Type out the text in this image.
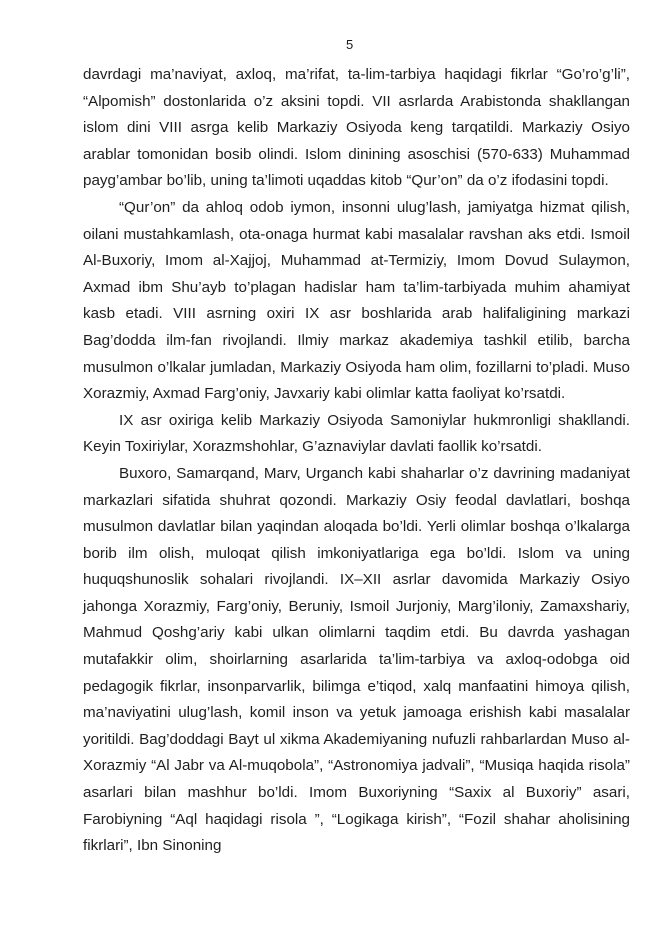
5

davrdagi ma’naviyat, axloq, ma’rifat, ta-lim-tarbiya haqidagi fikrlar “Go’ro’g’li”, “Alpomish” dostonlarida o’z aksini topdi. VII asrlarda Arabistonda shakllangan islom dini VIII asrga kelib Markaziy Osiyoda keng tarqatildi. Markaziy Osiyo arablar tomonidan bosib olindi. Islom dinining asoschisi (570-633) Muhammad payg’ambar bo’lib, uning ta’limoti uqaddas kitob “Qur’on” da o’z ifodasini topdi.

“Qur’on” da ahloq odob iymon, insonni ulug’lash, jamiyatga hizmat qilish, oilani mustahkamlash, ota-onaga hurmat kabi masalalar ravshan aks etdi. Ismoil Al-Buxoriy, Imom al-Xajjoj, Muhammad at-Termiziy, Imom Dovud Sulaymon, Axmad ibm Shu’ayb to’plagan hadislar ham ta’lim-tarbiyada muhim ahamiyat kasb etadi. VIII asrning oxiri IX asr boshlarida arab halifaligining markazi Bag’dodda ilm-fan rivojlandi. Ilmiy markaz akademiya tashkil etilib, barcha musulmon o’lkalar jumladan, Markaziy Osiyoda ham olim, fozillarni to’pladi. Muso Xorazmiy, Axmad Farg’oniy, Javxariy kabi olimlar katta faoliyat ko’rsatdi.

IX asr oxiriga kelib Markaziy Osiyoda Samoniylar hukmronligi shakllandi. Keyin Toxiriylar, Xorazmshohlar, G’aznaviylar davlati faollik ko’rsatdi.

Buxoro, Samarqand, Marv, Urganch kabi shaharlar o’z davrining madaniyat markazlari sifatida shuhrat qozondi. Markaziy Osiy feodal davlatlari, boshqa musulmon davlatlar bilan yaqindan aloqada bo’ldi. Yerli olimlar boshqa o’lkalarga borib ilm olish, muloqat qilish imkoniyatlariga ega bo’ldi. Islom va uning huquqshunoslik sohalari rivojlandi. IX–XII asrlar davomida Markaziy Osiyo jahonga Xorazmiy, Farg’oniy, Beruniy, Ismoil Jurjoniy, Marg’iloniy, Zamaxshariy, Mahmud Qoshg’ariy kabi ulkan olimlarni taqdim etdi. Bu davrda yashagan mutafakkir olim, shoirlarning asarlarida ta’lim-tarbiya va axloq-odobga oid pedagogik fikrlar, insonparvarlik, bilimga e’tiqod, xalq manfaatini himoya qilish, ma’naviyatini ulug’lash, komil inson va yetuk jamoaga erishish kabi masalalar yoritildi. Bag’doddagi Bayt ul xikma Akademiyaning nufuzli rahbarlardan Muso al-Xorazmiy “Al Jabr va Al-muqobola”, “Astronomiya jadvali”, “Musiqa haqida risola” asarlari bilan mashhur bo’ldi. Imom Buxoriyning “Saxix al Buxoriy” asari, Farobiyning “Aql haqidagi risola ”, “Logikaga kirish”, “Fozil shahar aholisining fikrlari”, Ibn Sinoning
